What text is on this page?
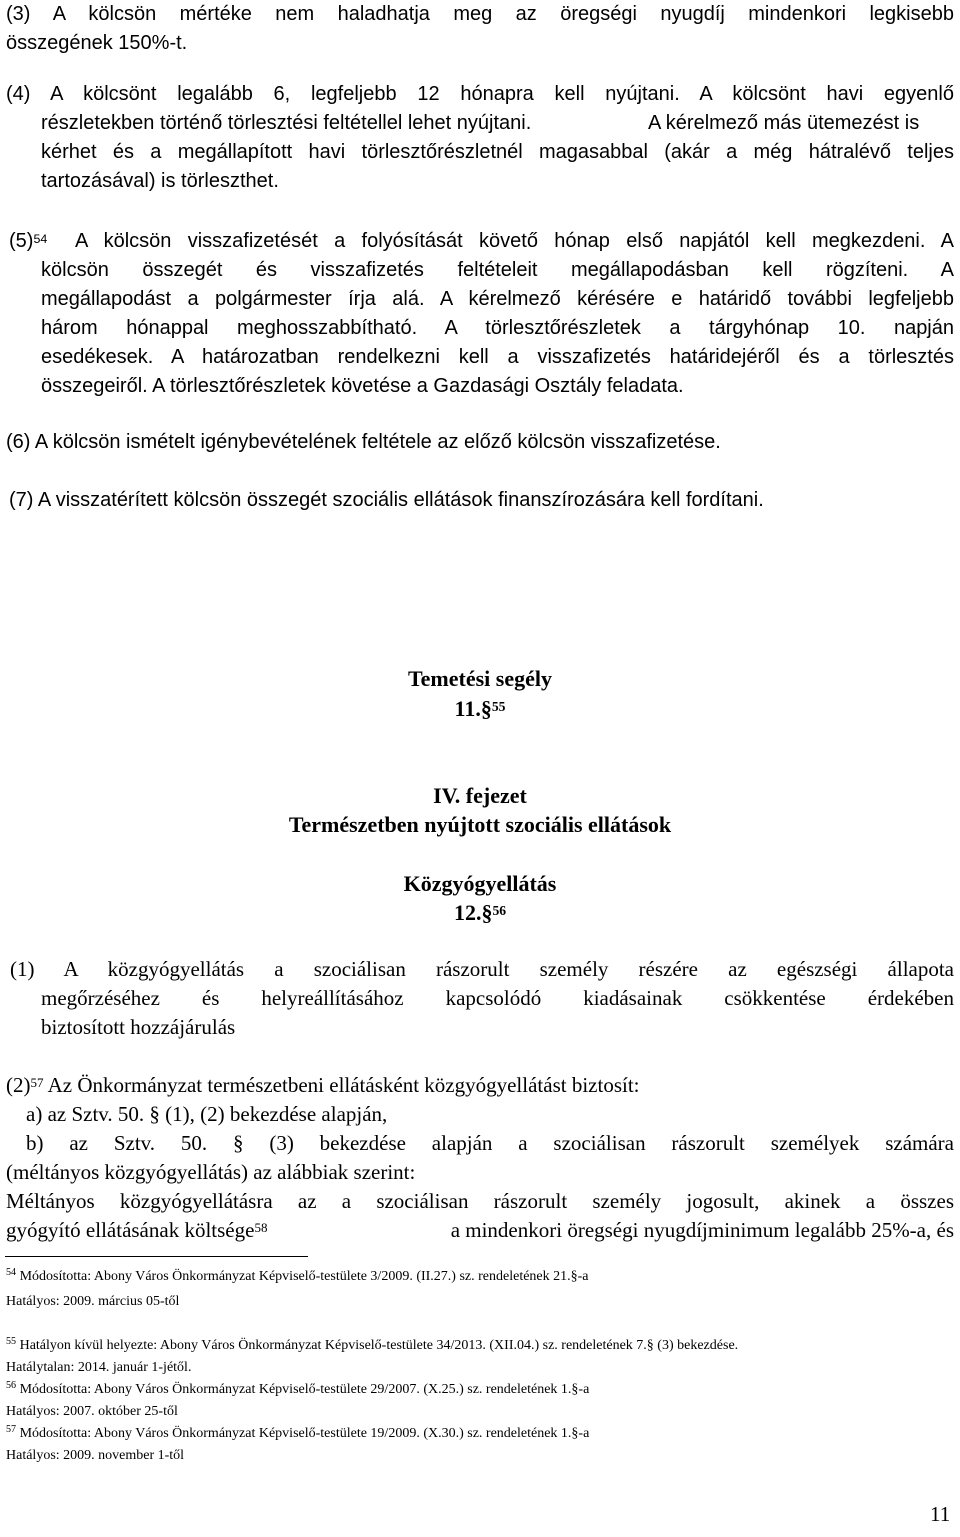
(3) A kölcsön mértéke nem haladhatja meg az öregségi nyugdíj mindenkori legkisebb
összegének 150%-t.
(4) A kölcsönt legalább 6, legfeljebb 12 hónapra kell nyújtani. A kölcsönt havi egyenlő
részletekben történő törlesztési feltétellel lehet nyújtani.	A kérelmező más ütemezést is
kérhet és a megállapított havi törlesztőrészletnél magasabbal (akár a még hátralévő teljes
tartozásával) is törleszthet.
$(5)^{54}$ A kölcsön visszafizetését a folyósítását követő hónap első napjától kell megkezdeni. A
kölcsön összegét és visszafizetés feltételeit megállapodásban kell rögzíteni. A
megállapodást a polgármester írja alá. A kérelmező kérésére e határidő további legfeljebb
három hónappal meghosszabbítható. A törlesztőrészletek a tárgyhónap 10. napján
esedékesek. A határozatban rendelkezni kell a visszafizetés határidejéről és a törlesztés
összegeiről. A törlesztőrészletek követése a Gazdasági Osztály feladata.
(6) A kölcsön ismételt igénybevételének feltétele az előző kölcsön visszafizetése.
(7) A visszatérített kölcsön összegét szociális ellátások finanszírozására kell fordítani.
Temetési segély
11.§$^{55}$
IV. fejezet
Természetben nyújtott szociális ellátások
Közgyógyellátás
12.§$^{56}$
(1) A közgyógyellátás a szociálisan rászorult személy részére az egészségi állapota
megőrzéséhez és helyreállításához kapcsolódó kiadásainak csökkentése érdekében
biztosított hozzájárulás
$(2)^{57}$ Az Önkormányzat természetbeni ellátásként közgyógyellátást biztosít:
a) az Sztv. 50. § (1), (2) bekezdése alapján,
b) az Sztv. 50. § (3) bekezdése alapján a szociálisan rászorult személyek számára
(méltányos közgyógyellátás) az alábbiak szerint:
Méltányos közgyógyellátásra az a szociálisan rászorult személy jogosult, akinek a összes
gyógyító ellátásának költsége$^{58}$	a mindenkori öregségi nyugdíjminimum legalább 25%-a, és
$^{54}$ Módosította: Abony Város Önkormányzat Képviselő-testülete 3/2009. (II.27.) sz. rendeletének 21.§-a
Hatályos: 2009. március 05-től
$^{55}$ Hatályon kívül helyezte: Abony Város Önkormányzat Képviselő-testülete 34/2013. (XII.04.) sz. rendeletének 7.§ (3) bekezdése.
Hatálytalan: 2014. január 1-jétől.
$^{56}$ Módosította: Abony Város Önkormányzat Képviselő-testülete 29/2007. (X.25.) sz. rendeletének 1.§-a
Hatályos: 2007. október 25-től
$^{57}$ Módosította: Abony Város Önkormányzat Képviselő-testülete 19/2009. (X.30.) sz. rendeletének 1.§-a
Hatályos: 2009. november 1-től
11
